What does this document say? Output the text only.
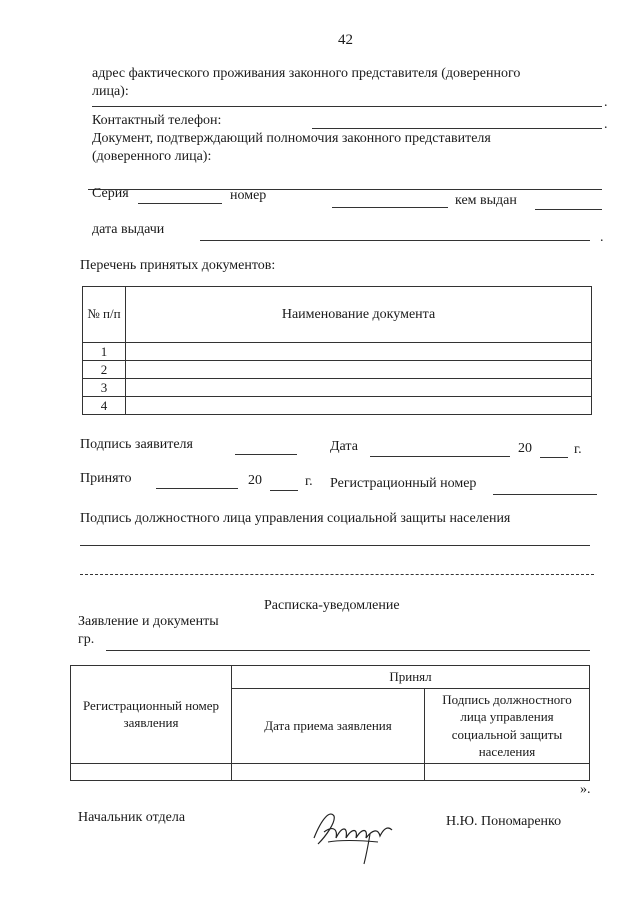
42
адрес фактического проживания законного представителя (доверенного
лица):
.
Контактный телефон:	.
Документ, подтверждающий полномочия законного представителя
(доверенного лица):
Серия	номер	кем выдан
дата выдачи
.
Перечень принятых документов:
№ п/п	Наименование документа
1	
2	
3	
4	
Подпись заявителя	Дата	20	г.
Принято	20	г. Регистрационный номер
Подпись должностного лица управления социальной защиты населения
Расписка-уведомление
Заявление и документы
гр.
Регистрационный номер заявления	Принял	
	Дата приема заявления	Подпись должностного лица управления социальной защиты населения

».
Начальник отдела	Н.Ю. Пономаренко
